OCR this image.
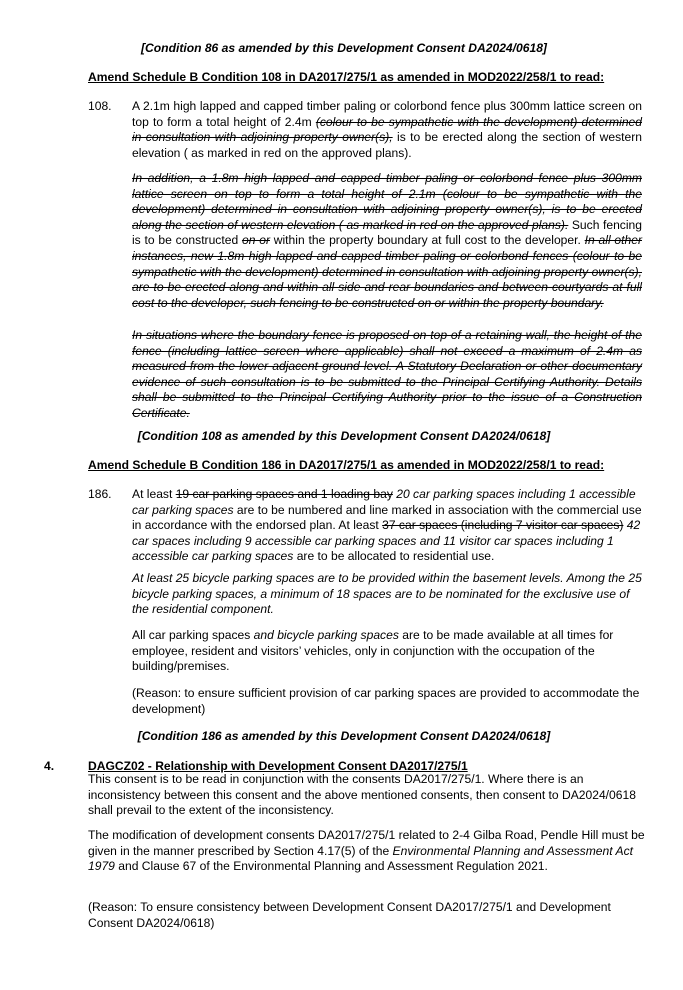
[Condition 86 as amended by this Development Consent DA2024/0618]
Amend Schedule B Condition 108 in DA2017/275/1 as amended in MOD2022/258/1 to read:
108. A 2.1m high lapped and capped timber paling or colorbond fence plus 300mm lattice screen on top to form a total height of 2.4m (colour to be sympathetic with the development) determined in consultation with adjoining property owner(s), is to be erected along the section of western elevation ( as marked in red on the approved plans).
In addition, a 1.8m high lapped and capped timber paling or colorbond fence plus 300mm lattice screen on top to form a total height of 2.1m (colour to be sympathetic with the development) determined in consultation with adjoining property owner(s), is to be erected along the section of western elevation ( as marked in red on the approved plans). Such fencing is to be constructed on or within the property boundary at full cost to the developer. In all other instances, new 1.8m high lapped and capped timber paling or colorbond fences (colour to be sympathetic with the development) determined in consultation with adjoining property owner(s), are to be erected along and within all side and rear boundaries and between courtyards at full cost to the developer, such fencing to be constructed on or within the property boundary.
In situations where the boundary fence is proposed on top of a retaining wall, the height of the fence (including lattice screen where applicable) shall not exceed a maximum of 2.4m as measured from the lower adjacent ground level. A Statutory Declaration or other documentary evidence of such consultation is to be submitted to the Principal Certifying Authority. Details shall be submitted to the Principal Certifying Authority prior to the issue of a Construction Certificate.
[Condition 108 as amended by this Development Consent DA2024/0618]
Amend Schedule B Condition 186 in DA2017/275/1 as amended in MOD2022/258/1 to read:
186. At least 19 car parking spaces and 1 loading bay 20 car parking spaces including 1 accessible car parking spaces are to be numbered and line marked in association with the commercial use in accordance with the endorsed plan. At least 37 car spaces (including 7 visitor car spaces) 42 car spaces including 9 accessible car parking spaces and 11 visitor car spaces including 1 accessible car parking spaces are to be allocated to residential use.
At least 25 bicycle parking spaces are to be provided within the basement levels. Among the 25 bicycle parking spaces, a minimum of 18 spaces are to be nominated for the exclusive use of the residential component.
All car parking spaces and bicycle parking spaces are to be made available at all times for employee, resident and visitors’ vehicles, only in conjunction with the occupation of the building/premises.
(Reason: to ensure sufficient provision of car parking spaces are provided to accommodate the development)
[Condition 186 as amended by this Development Consent DA2024/0618]
4.	DAGCZ02 - Relationship with Development Consent DA2017/275/1
This consent is to be read in conjunction with the consents DA2017/275/1. Where there is an inconsistency between this consent and the above mentioned consents, then consent to DA2024/0618 shall prevail to the extent of the inconsistency.
The modification of development consents DA2017/275/1 related to 2-4 Gilba Road, Pendle Hill must be given in the manner prescribed by Section 4.17(5) of the Environmental Planning and Assessment Act 1979 and Clause 67 of the Environmental Planning and Assessment Regulation 2021.
(Reason: To ensure consistency between Development Consent DA2017/275/1 and Development Consent DA2024/0618)
